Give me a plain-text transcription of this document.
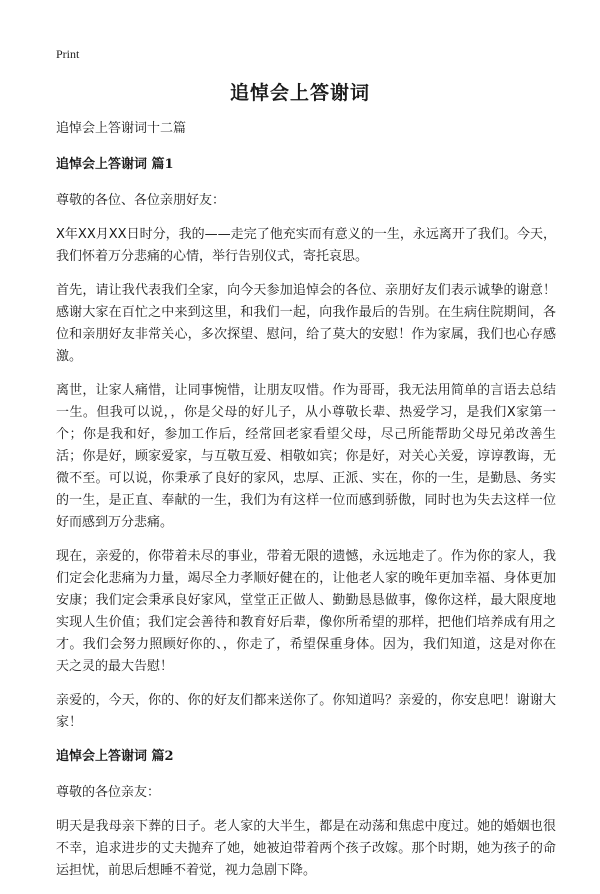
Print
追悼会上答谢词

追悼会上答谢词十二篇

追悼会上答谢词 篇1

尊敬的各位、各位亲朋好友：

X年XX月XX日时分，我的——走完了他充实而有意义的一生，永远离开了我们。今天，我们怀着万分悲痛的心情，举行告别仪式，寄托哀思。

首先，请让我代表我们全家，向今天参加追悼会的各位、亲朋好友们表示诚挚的谢意！感谢大家在百忙之中来到这里，和我们一起，向我作最后的告别。在生病住院期间，各位和亲朋好友非常关心，多次探望、慰问，给了莫大的安慰！作为家属，我们也心存感激。

离世，让家人痛惜，让同事惋惜，让朋友叹惜。作为哥哥，我无法用简单的言语去总结一生。但我可以说，，你是父母的好儿子，从小尊敬长辈、热爱学习，是我们X家第一个；你是我和好，参加工作后，经常回老家看望父母，尽己所能帮助父母兄弟改善生活；你是好，顾家爱家，与互敬互爱、相敬如宾；你是好，对关心关爱，谆谆教诲，无微不至。可以说，你秉承了良好的家风，忠厚、正派、实在，你的一生，是勤恳、务实的一生，是正直、奉献的一生，我们为有这样一位而感到骄傲，同时也为失去这样一位好而感到万分悲痛。

现在，亲爱的，你带着未尽的事业，带着无限的遗憾，永远地走了。作为你的家人，我们定会化悲痛为力量，竭尽全力孝顺好健在的，让他老人家的晚年更加幸福、身体更加安康；我们定会秉承良好家风，堂堂正正做人、勤勤恳恳做事，像你这样，最大限度地实现人生价值；我们定会善待和教育好后辈，像你所希望的那样，把他们培养成有用之才。我们会努力照顾好你的、，你走了，希望保重身体。因为，我们知道，这是对你在天之灵的最大告慰！

亲爱的，今天，你的、你的好友们都来送你了。你知道吗？亲爱的，你安息吧！谢谢大家！

追悼会上答谢词 篇2

尊敬的各位亲友：

明天是我母亲下葬的日子。老人家的大半生，都是在动荡和焦虑中度过。她的婚姻也很不幸，追求进步的丈夫抛弃了她，她被迫带着两个孩子改嫁。那个时期，她为孩子的命运担忧，前思后想睡不着觉，视力急剧下降。
